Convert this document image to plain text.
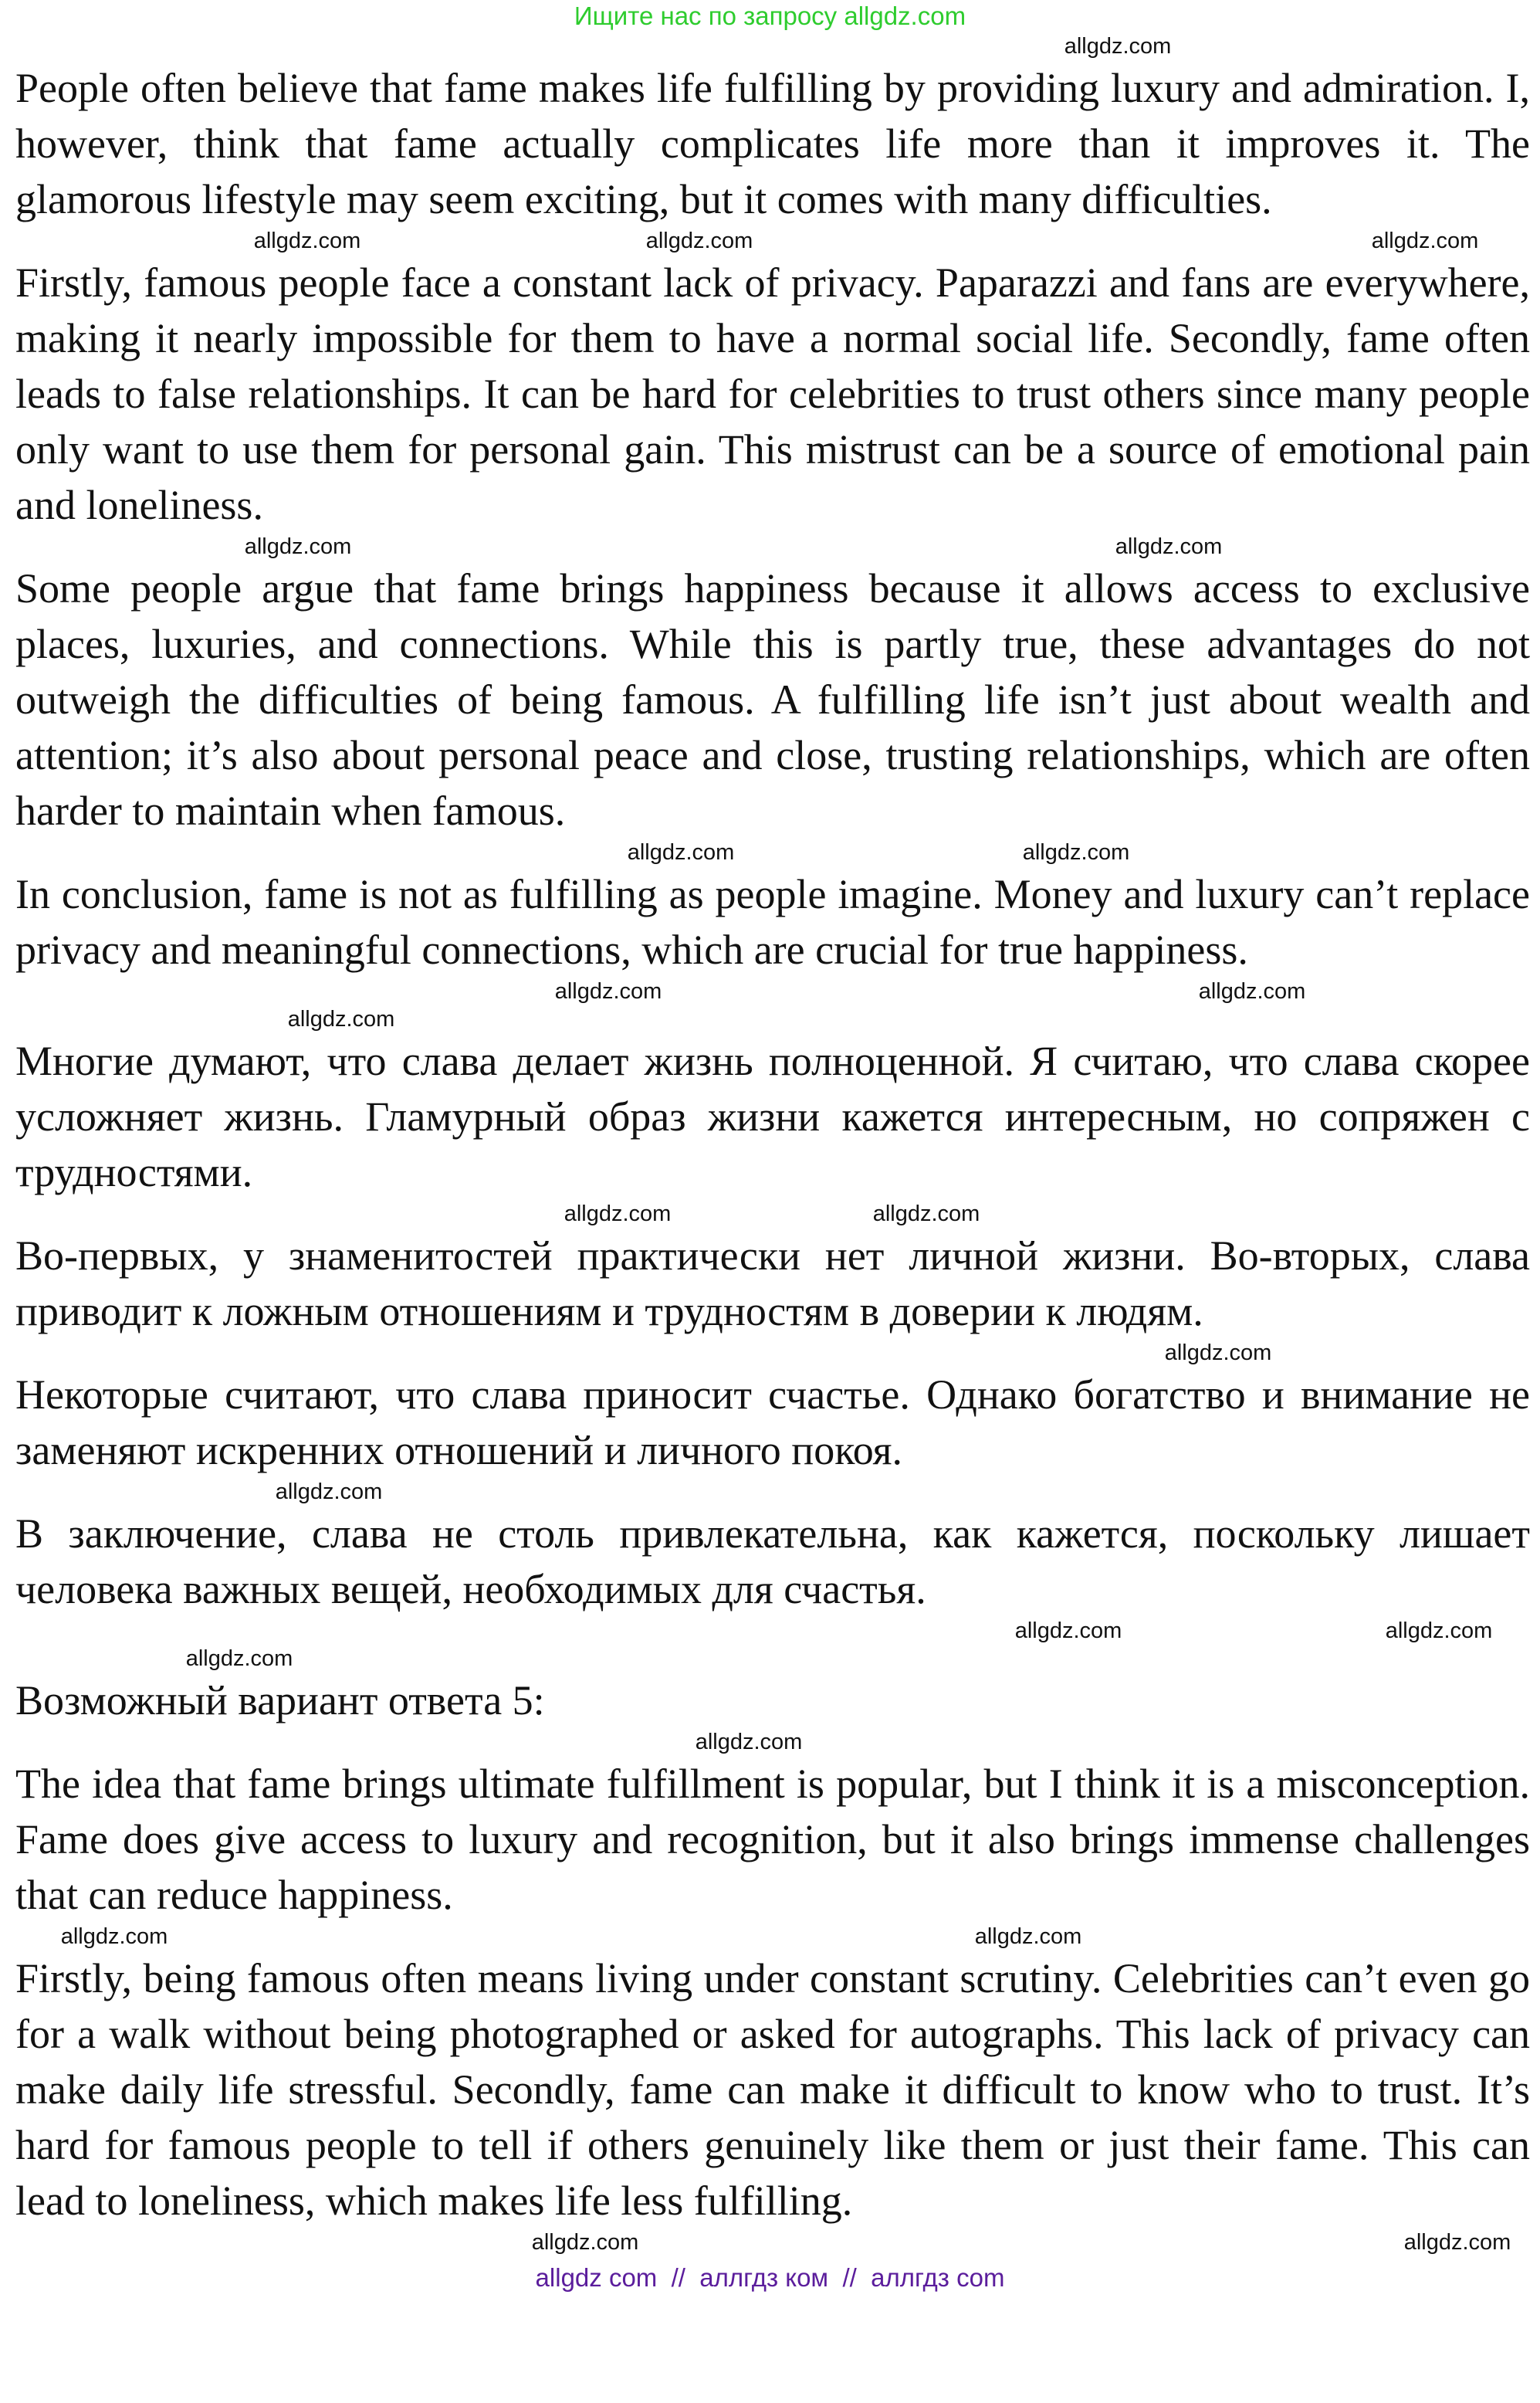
Ищите нас по запросу allgdz.com
allgdz.com

People often believe that fame makes life fulfilling by providing luxury and admiration. I, however, think that fame actually complicates life more than it improves it. The glamorous lifestyle may seem exciting, but it comes with many difficulties.

allgdz.com	allgdz.com	allgdz.com

Firstly, famous people face a constant lack of privacy. Paparazzi and fans are everywhere, making it nearly impossible for them to have a normal social life. Secondly, fame often leads to false relationships. It can be hard for celebrities to trust others since many people only want to use them for personal gain. This mistrust can be a source of emotional pain and loneliness.

allgdz.com	allgdz.com

Some people argue that fame brings happiness because it allows access to exclusive places, luxuries, and connections. While this is partly true, these advantages do not outweigh the difficulties of being famous. A fulfilling life isn’t just about wealth and attention; it’s also about personal peace and close, trusting relationships, which are often harder to maintain when famous.

allgdz.com	allgdz.com

In conclusion, fame is not as fulfilling as people imagine. Money and luxury can’t replace privacy and meaningful connections, which are crucial for true happiness.

allgdz.com	allgdz.com
allgdz.com

Многие думают, что слава делает жизнь полноценной. Я считаю, что слава скорее усложняет жизнь. Гламурный образ жизни кажется интересным, но сопряжен с трудностями.

allgdz.com	allgdz.com

Во-первых, у знаменитостей практически нет личной жизни. Во-вторых, слава приводит к ложным отношениям и трудностям в доверии к людям.

allgdz.com

Некоторые считают, что слава приносит счастье. Однако богатство и внимание не заменяют искренних отношений и личного покоя.

allgdz.com

В заключение, слава не столь привлекательна, как кажется, поскольку лишает человека важных вещей, необходимых для счастья.

allgdz.com	allgdz.com
allgdz.com

Возможный вариант ответа 5:

allgdz.com

The idea that fame brings ultimate fulfillment is popular, but I think it is a misconception. Fame does give access to luxury and recognition, but it also brings immense challenges that can reduce happiness.

allgdz.com	allgdz.com

Firstly, being famous often means living under constant scrutiny. Celebrities can’t even go for a walk without being photographed or asked for autographs. This lack of privacy can make daily life stressful. Secondly, fame can make it difficult to know who to trust. It’s hard for famous people to tell if others genuinely like them or just their fame. This can lead to loneliness, which makes life less fulfilling.

allgdz.com	allgdz.com
allgdz com  //  аллгдз ком  //  аллгдз com
